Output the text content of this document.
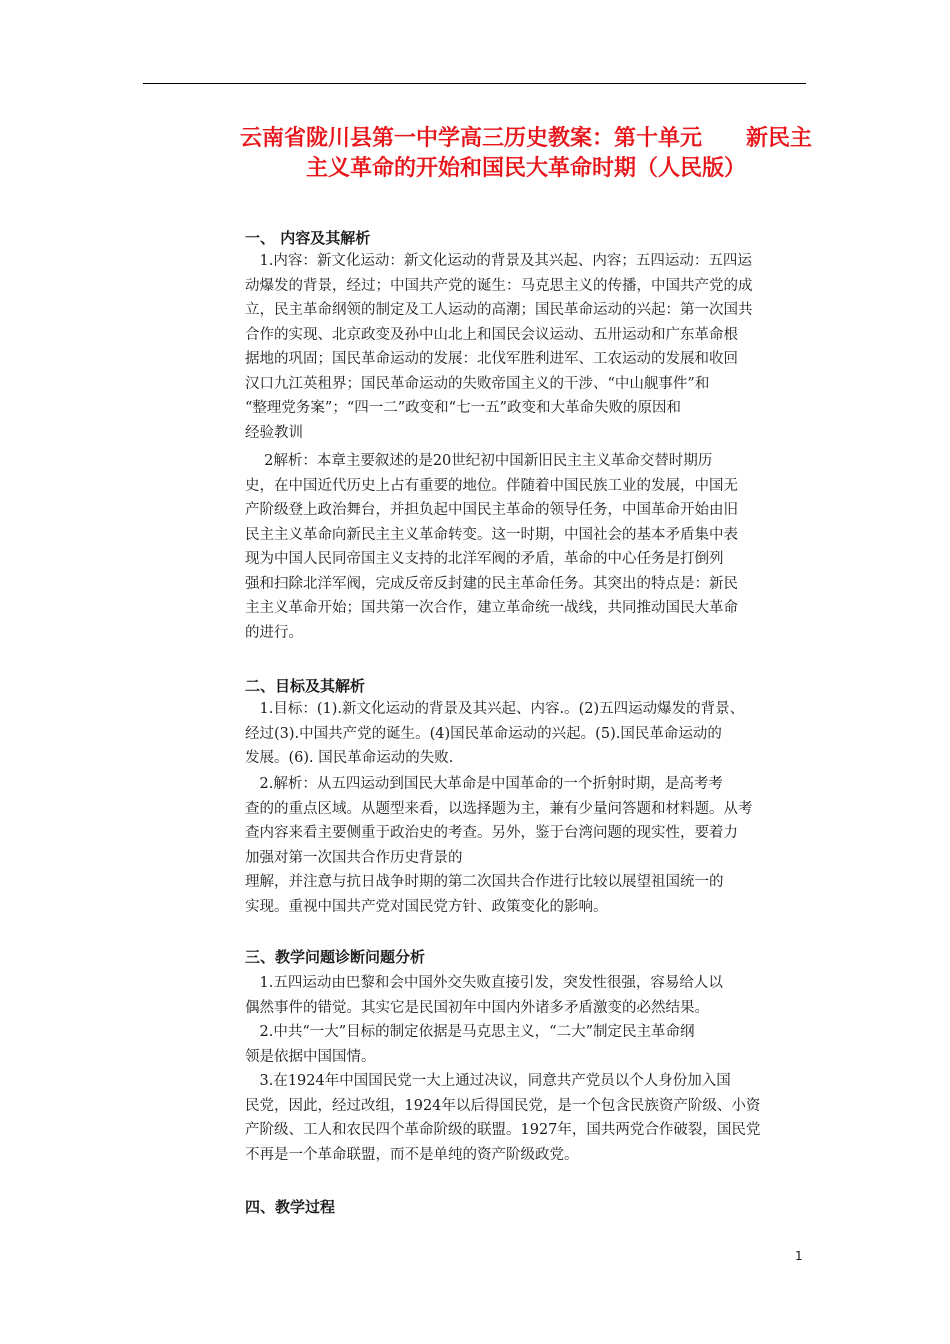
云南省陇川县第一中学高三历史教案：第十单元　　新民主
主义革命的开始和国民大革命时期（人民版）
一、 内容及其解析
　1.内容：新文化运动：新文化运动的背景及其兴起、内容；五四运动：五四运
动爆发的背景，经过；中国共产党的诞生：马克思主义的传播，中国共产党的成
立，民主革命纲领的制定及工人运动的高潮；国民革命运动的兴起：第一次国共
合作的实现、北京政变及孙中山北上和国民会议运动、五卅运动和广东革命根
据地的巩固；国民革命运动的发展：北伐军胜利进军、工农运动的发展和收回
汉口九江英租界；国民革命运动的失败帝国主义的干涉、“中山舰事件”和
“整理党务案”；“四一二”政变和“七一五”政变和大革命失败的原因和
经验教训
　 2解析：本章主要叙述的是20世纪初中国新旧民主主义革命交替时期历
史，在中国近代历史上占有重要的地位。伴随着中国民族工业的发展，中国无
产阶级登上政治舞台，并担负起中国民主革命的领导任务，中国革命开始由旧
民主主义革命向新民主主义革命转变。这一时期，中国社会的基本矛盾集中表
现为中国人民同帝国主义支持的北洋军阀的矛盾，革命的中心任务是打倒列
强和扫除北洋军阀，完成反帝反封建的民主革命任务。其突出的特点是：新民
主主义革命开始；国共第一次合作，建立革命统一战线，共同推动国民大革命
的进行。
二、目标及其解析
　1.目标：(1).新文化运动的背景及其兴起、内容.。(2)五四运动爆发的背景、
经过(3).中国共产党的诞生。(4)国民革命运动的兴起。(5).国民革命运动的
发展。(6). 国民革命运动的失败.
　2.解析：从五四运动到国民大革命是中国革命的一个折射时期，是高考考
查的的重点区域。从题型来看，以选择题为主，兼有少量问答题和材料题。从考
查内容来看主要侧重于政治史的考查。另外，鉴于台湾问题的现实性，要着力
加强对第一次国共合作历史背景的
理解，并注意与抗日战争时期的第二次国共合作进行比较以展望祖国统一的
实现。重视中国共产党对国民党方针、政策变化的影响。
三、教学问题诊断问题分析
　1.五四运动由巴黎和会中国外交失败直接引发，突发性很强，容易给人以
偶然事件的错觉。其实它是民国初年中国内外诸多矛盾激变的必然结果。
　2.中共“一大”目标的制定依据是马克思主义，“二大”制定民主革命纲
领是依据中国国情。
　3.在1924年中国国民党一大上通过决议，同意共产党员以个人身份加入国
民党，因此，经过改组，1924年以后得国民党，是一个包含民族资产阶级、小资
产阶级、工人和农民四个革命阶级的联盟。1927年，国共两党合作破裂，国民党
不再是一个革命联盟，而不是单纯的资产阶级政党。
四、教学过程
1
